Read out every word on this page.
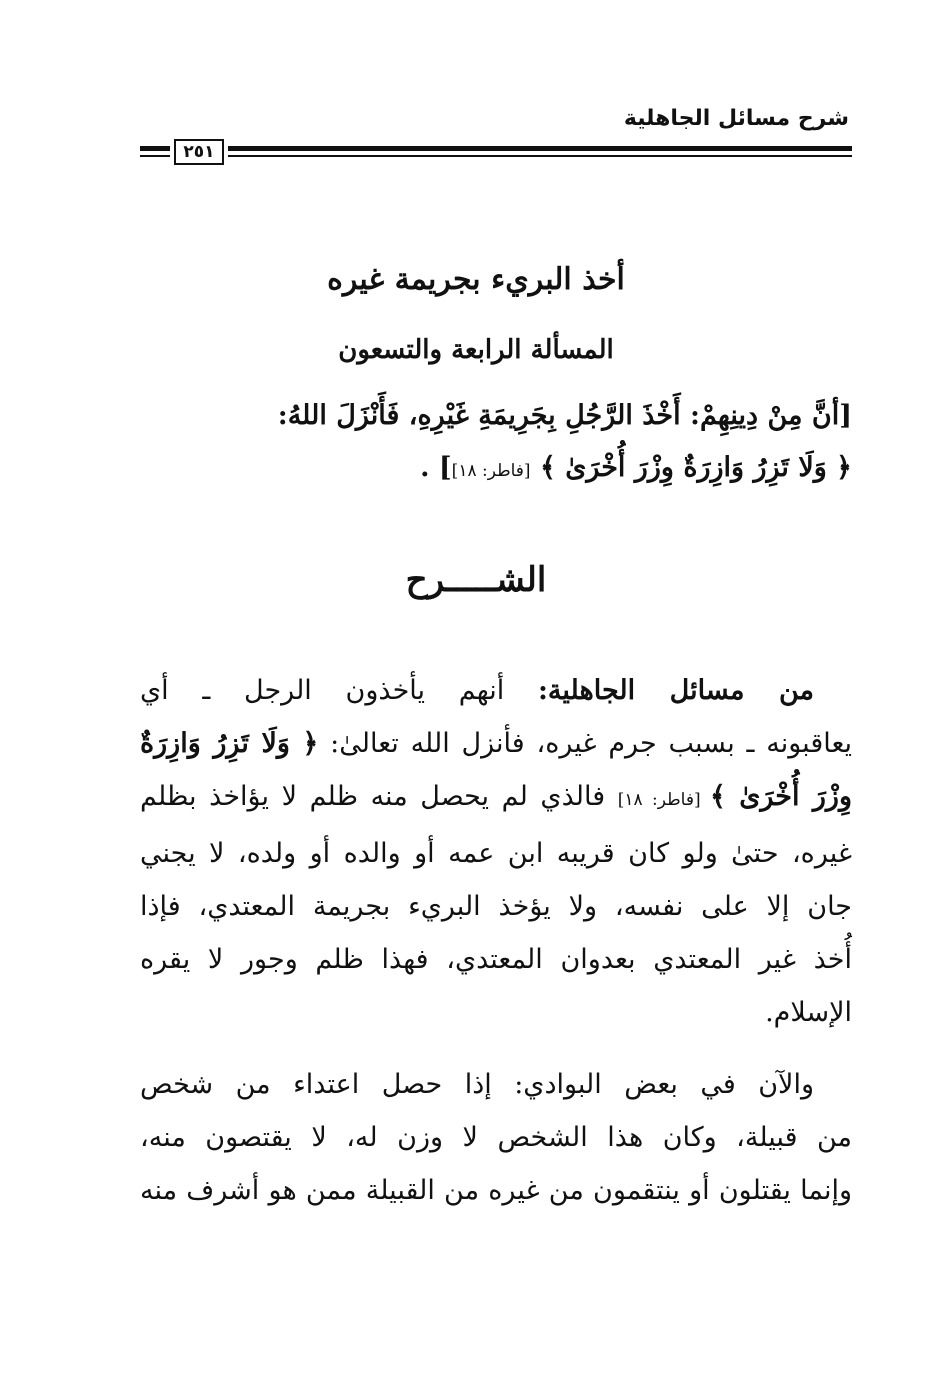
شرح مسائل الجاهلية
٢٥١
أخذ البريء بجريمة غيره
المسألة الرابعة والتسعون
[أنَّ مِنْ دِينِهِمْ: أَخْذَ الرَّجُلِ بِجَرِيمَةِ غَيْرِهِ، فَأَنْزَلَ اللهُ:
﴿ وَلَا تَزِرُ وَازِرَةٌ وِزْرَ أُخْرَىٰ ﴾ [فاطر: ١٨]] .
الشـــــرح
من مسائل الجاهلية: أنهم يأخذون الرجل ـ أي
يعاقبونه ـ بسبب جرم غيره، فأنزل الله تعالىٰ: ﴿ وَلَا تَزِرُ وَازِرَةٌ
وِزْرَ أُخْرَىٰ ﴾ [فاطر: ١٨] فالذي لم يحصل منه ظلم لا يؤاخذ بظلم
غيره، حتىٰ ولو كان قريبه ابن عمه أو والده أو ولده، لا يجني
جان إلا على نفسه، ولا يؤخذ البريء بجريمة المعتدي، فإذا
أُخذ غير المعتدي بعدوان المعتدي، فهذا ظلم وجور لا يقره
الإسلام.
والآن في بعض البوادي: إذا حصل اعتداء من شخص
من قبيلة، وكان هذا الشخص لا وزن له، لا يقتصون منه،
وإنما يقتلون أو ينتقمون من غيره من القبيلة ممن هو أشرف منه
